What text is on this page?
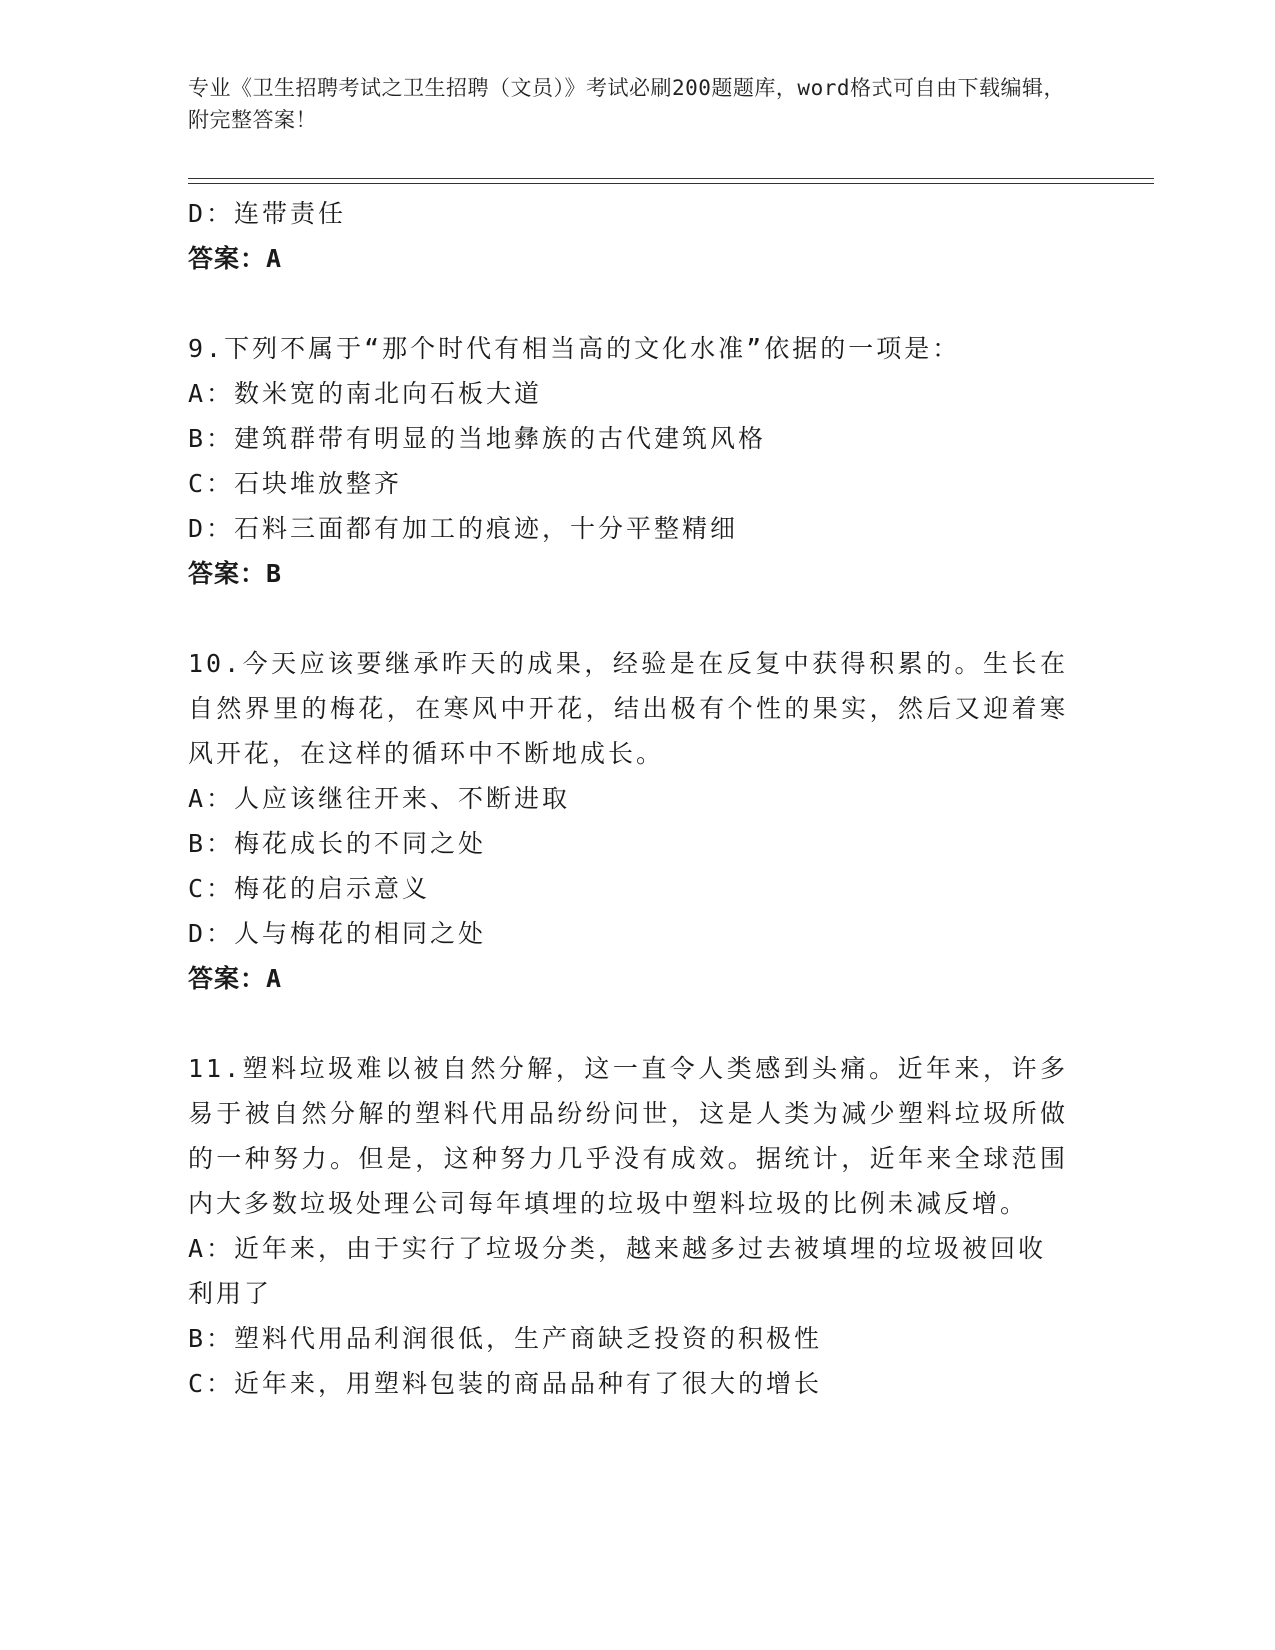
专业《卫生招聘考试之卫生招聘（文员）》考试必刷200题题库，word格式可自由下载编辑，附完整答案！

D：连带责任

答案：A

9.下列不属于“那个时代有相当高的文化水准”依据的一项是：

A：数米宽的南北向石板大道

B：建筑群带有明显的当地彝族的古代建筑风格

C：石块堆放整齐

D：石料三面都有加工的痕迹，十分平整精细

答案：B

10.今天应该要继承昨天的成果，经验是在反复中获得积累的。生长在自然界里的梅花，在寒风中开花，结出极有个性的果实，然后又迎着寒风开花，在这样的循环中不断地成长。

A：人应该继往开来、不断进取

B：梅花成长的不同之处

C：梅花的启示意义

D：人与梅花的相同之处

答案：A

11.塑料垃圾难以被自然分解，这一直令人类感到头痛。近年来，许多易于被自然分解的塑料代用品纷纷问世，这是人类为减少塑料垃圾所做的一种努力。但是，这种努力几乎没有成效。据统计，近年来全球范围内大多数垃圾处理公司每年填埋的垃圾中塑料垃圾的比例未减反增。

A：近年来，由于实行了垃圾分类，越来越多过去被填埋的垃圾被回收利用了

B：塑料代用品利润很低，生产商缺乏投资的积极性

C：近年来，用塑料包装的商品品种有了很大的增长
